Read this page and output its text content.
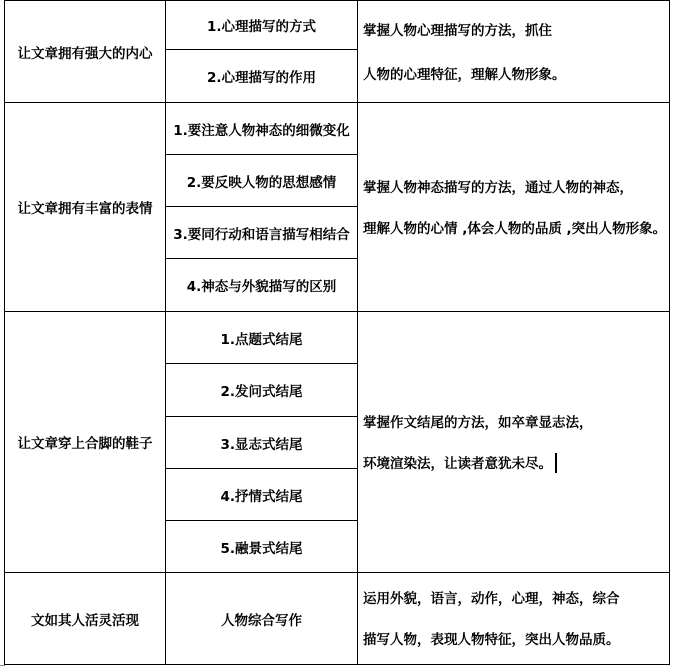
让文章拥有强大的内心
1.心理描写的方式
2.心理描写的作用
掌握人物心理描写的方法，抓住
人物的心理特征，理解人物形象。
让文章拥有丰富的表情
1.要注意人物神态的细微变化
2.要反映人物的思想感情
3.要同行动和语言描写相结合
4.神态与外貌描写的区别
掌握人物神态描写的方法，通过人物的神态，
理解人物的心情 ,体会人物的品质 ,突出人物形象。
让文章穿上合脚的鞋子
1.点题式结尾
2.发问式结尾
3.显志式结尾
4.抒情式结尾
5.融景式结尾
掌握作文结尾的方法，如卒章显志法，
环境渲染法，让读者意犹未尽。
文如其人活灵活现	人物综合写作
运用外貌，语言，动作，心理，神态，综合
描写人物，表现人物特征，突出人物品质。
